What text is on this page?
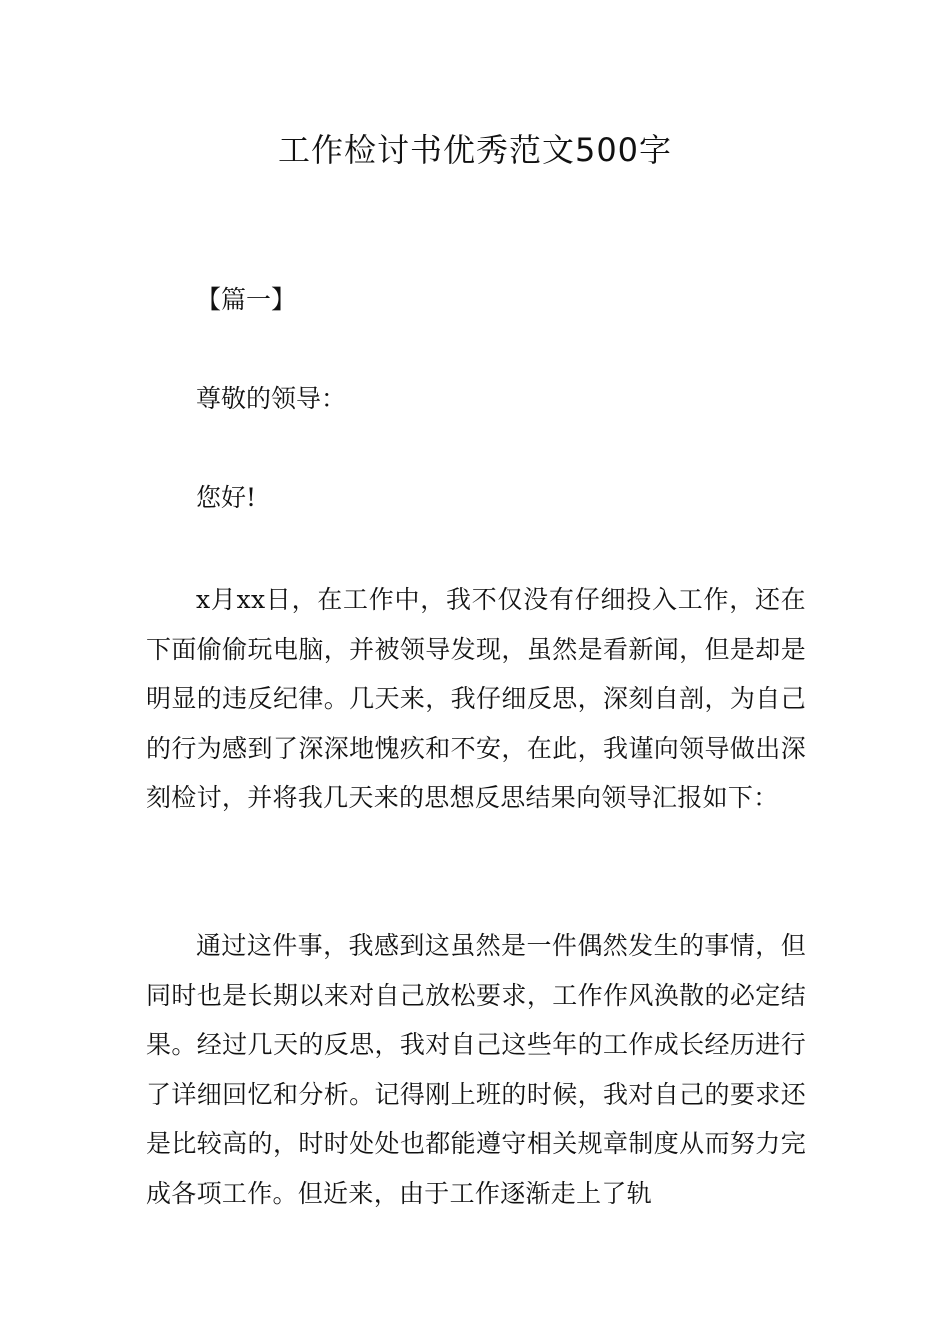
工作检讨书优秀范文500字

【篇一】

尊敬的领导：

您好!

x月xx日，在工作中，我不仅没有仔细投入工作，还在下面偷偷玩电脑，并被领导发现，虽然是看新闻，但是却是明显的违反纪律。几天来，我仔细反思，深刻自剖，为自己的行为感到了深深地愧疚和不安，在此，我谨向领导做出深刻检讨，并将我几天来的思想反思结果向领导汇报如下：

通过这件事，我感到这虽然是一件偶然发生的事情，但同时也是长期以来对自己放松要求，工作作风涣散的必定结果。经过几天的反思，我对自己这些年的工作成长经历进行了详细回忆和分析。记得刚上班的时候，我对自己的要求还是比较高的，时时处处也都能遵守相关规章制度从而努力完成各项工作。但近来，由于工作逐渐走上了轨
